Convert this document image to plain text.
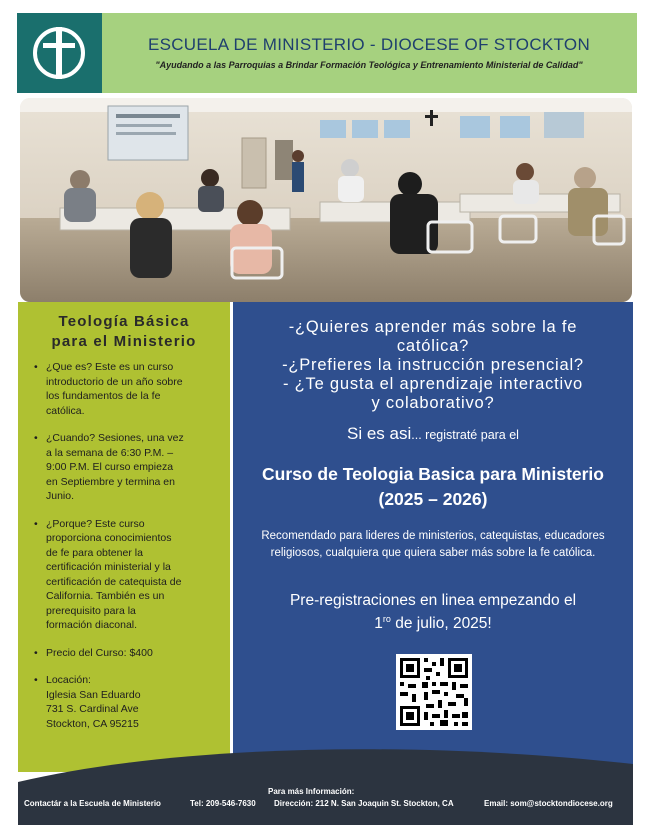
ESCUELA DE MINISTERIO - DIOCESE OF STOCKTON
"Ayudando a las Parroquias a Brindar Formación Teológica y Entrenamiento Ministerial de Calidad"
Teología Básica
para el Ministerio
• ¿Que es? Este es un curso
introductorio de un año sobre
los fundamentos de la fe
católica.
• ¿Cuando? Sesiones, una vez
a la semana de 6:30 P.M. –
9:00 P.M. El curso empieza
en Septiembre y termina en
Junio.
• ¿Porque? Este curso
proporciona conocimientos
de fe para obtener la
certificación ministerial y la
certificación de catequista de
California. También es un
prerequisito para la
formación diaconal.
• Precio del Curso: $400
• Locación:
Iglesia San Eduardo
731 S. Cardinal Ave
Stockton, CA 95215
-¿Quieres aprender más sobre la fe
católica?
-¿Prefieres la instrucción presencial?
- ¿Te gusta el aprendizaje interactivo
y colaborativo?
Si es asi... registraté para el
Curso de Teologia Basica para Ministerio
(2025 – 2026)
Recomendado para lideres de ministerios, catequistas, educadores religiosos, cualquiera que quiera saber más sobre la fe católica.
Pre-registraciones en linea empezando el
$1^{ro}$ de julio, 2025!
Para más Información:
Contactár a la Escuela de Ministerio	Tel: 209-546-7630 Dirección: 212 N. San Joaquin St. Stockton, CA	Email: som@stocktondiocese.org
